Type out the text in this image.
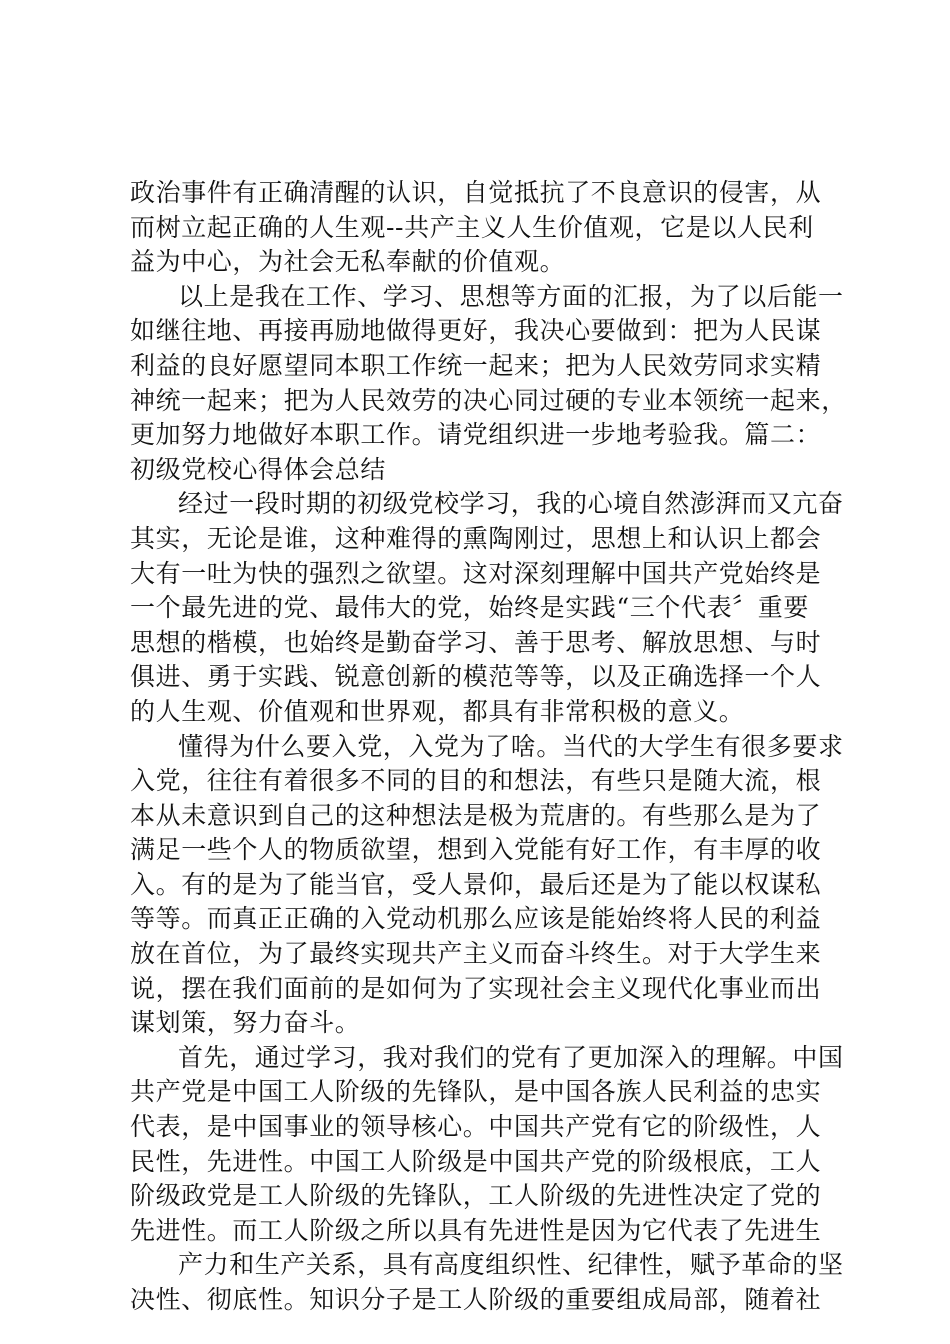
政治事件有正确清醒的认识，自觉抵抗了不良意识的侵害，从
而树立起正确的人生观--共产主义人生价值观，它是以人民利
益为中心，为社会无私奉献的价值观。
以上是我在工作、学习、思想等方面的汇报，为了以后能一
如继往地、再接再励地做得更好，我决心要做到：把为人民谋
利益的良好愿望同本职工作统一起来；把为人民效劳同求实精
神统一起来；把为人民效劳的决心同过硬的专业本领统一起来，
更加努力地做好本职工作。请党组织进一步地考验我。篇二：
初级党校心得体会总结
经过一段时期的初级党校学习，我的心境自然澎湃而又亢奋
其实，无论是谁，这种难得的熏陶刚过，思想上和认识上都会
大有一吐为快的强烈之欲望。这对深刻理解中国共产党始终是
一个最先进的党、最伟大的党，始终是实践“三个代表〞重要
思想的楷模，也始终是勤奋学习、善于思考、解放思想、与时
俱进、勇于实践、锐意创新的模范等等，以及正确选择一个人
的人生观、价值观和世界观，都具有非常积极的意义。
懂得为什么要入党，入党为了啥。当代的大学生有很多要求
入党，往往有着很多不同的目的和想法，有些只是随大流，根
本从未意识到自己的这种想法是极为荒唐的。有些那么是为了
满足一些个人的物质欲望，想到入党能有好工作，有丰厚的收
入。有的是为了能当官，受人景仰，最后还是为了能以权谋私
等等。而真正正确的入党动机那么应该是能始终将人民的利益
放在首位，为了最终实现共产主义而奋斗终生。对于大学生来
说，摆在我们面前的是如何为了实现社会主义现代化事业而出
谋划策，努力奋斗。
首先，通过学习，我对我们的党有了更加深入的理解。中国
共产党是中国工人阶级的先锋队，是中国各族人民利益的忠实
代表，是中国事业的领导核心。中国共产党有它的阶级性，人
民性，先进性。中国工人阶级是中国共产党的阶级根底，工人
阶级政党是工人阶级的先锋队，工人阶级的先进性决定了党的
先进性。而工人阶级之所以具有先进性是因为它代表了先进生
产力和生产关系，具有高度组织性、纪律性，赋予革命的坚
决性、彻底性。知识分子是工人阶级的重要组成局部，随着社
